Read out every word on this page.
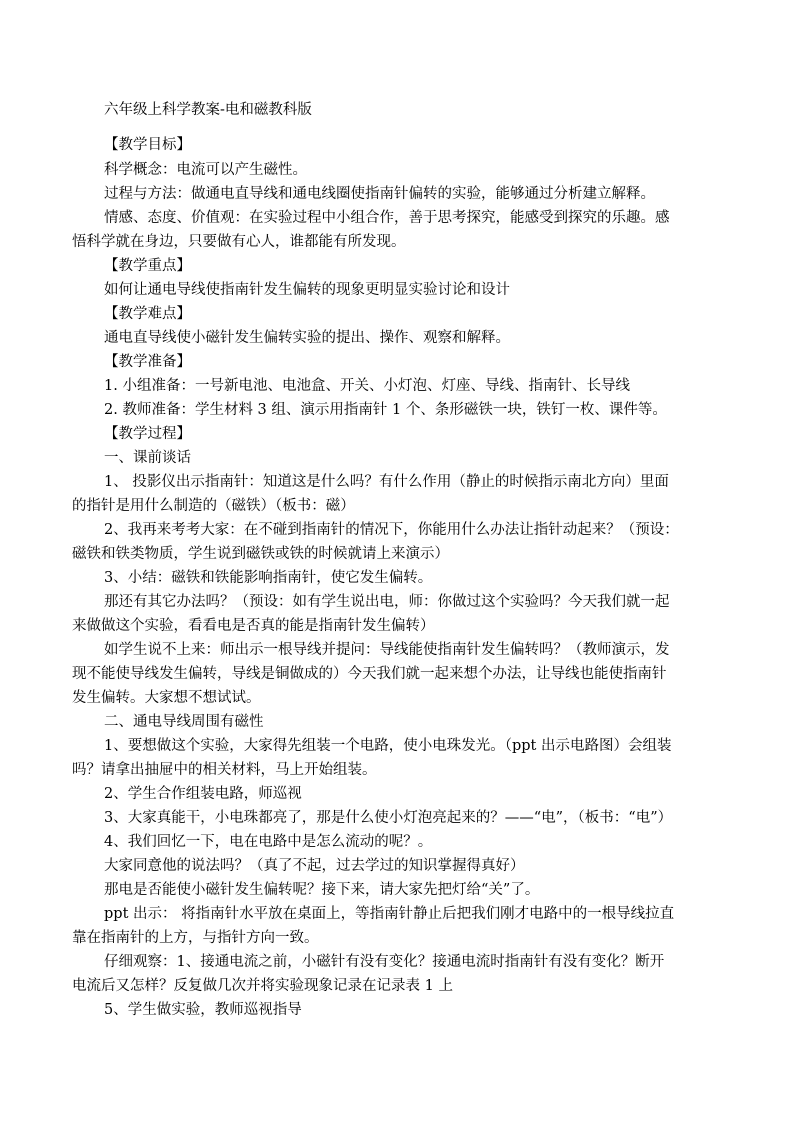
六年级上科学教案-电和磁教科版
【教学目标】
科学概念：电流可以产生磁性。
过程与方法：做通电直导线和通电线圈使指南针偏转的实验，能够通过分析建立解释。
情感、态度、价值观：在实验过程中小组合作，善于思考探究，能感受到探究的乐趣。感
悟科学就在身边，只要做有心人，谁都能有所发现。
【教学重点】
如何让通电导线使指南针发生偏转的现象更明显实验讨论和设计
【教学难点】
通电直导线使小磁针发生偏转实验的提出、操作、观察和解释。
【教学准备】
1. 小组准备：一号新电池、电池盒、开关、小灯泡、灯座、导线、指南针、长导线
2. 教师准备：学生材料 3 组、演示用指南针 1 个、条形磁铁一块，铁钉一枚、课件等。
【教学过程】
一、课前谈话
1、 投影仪出示指南针：知道这是什么吗？有什么作用（静止的时候指示南北方向）里面
的指针是用什么制造的（磁铁）（板书：磁）
2、我再来考考大家：在不碰到指南针的情况下，你能用什么办法让指针动起来？（预设：
磁铁和铁类物质，学生说到磁铁或铁的时候就请上来演示）
3、小结：磁铁和铁能影响指南针，使它发生偏转。
那还有其它办法吗？（预设：如有学生说出电，师：你做过这个实验吗？今天我们就一起
来做做这个实验，看看电是否真的能是指南针发生偏转）
如学生说不上来：师出示一根导线并提问：导线能使指南针发生偏转吗？（教师演示，发
现不能使导线发生偏转，导线是铜做成的）今天我们就一起来想个办法，让导线也能使指南针
发生偏转。大家想不想试试。
二、通电导线周围有磁性
1、要想做这个实验，大家得先组装一个电路，使小电珠发光。（ppt 出示电路图）会组装
吗？请拿出抽屉中的相关材料，马上开始组装。
2、学生合作组装电路，师巡视
3、大家真能干，小电珠都亮了，那是什么使小灯泡亮起来的？——“电”，（板书：“电”）
4、我们回忆一下，电在电路中是怎么流动的呢？。
大家同意他的说法吗？（真了不起，过去学过的知识掌握得真好）
那电是否能使小磁针发生偏转呢？接下来，请大家先把灯给“关”了。
ppt 出示： 将指南针水平放在桌面上，等指南针静止后把我们刚才电路中的一根导线拉直
靠在指南针的上方，与指针方向一致。
仔细观察：1、接通电流之前，小磁针有没有变化？接通电流时指南针有没有变化？断开
电流后又怎样？反复做几次并将实验现象记录在记录表 1 上
5、学生做实验，教师巡视指导
